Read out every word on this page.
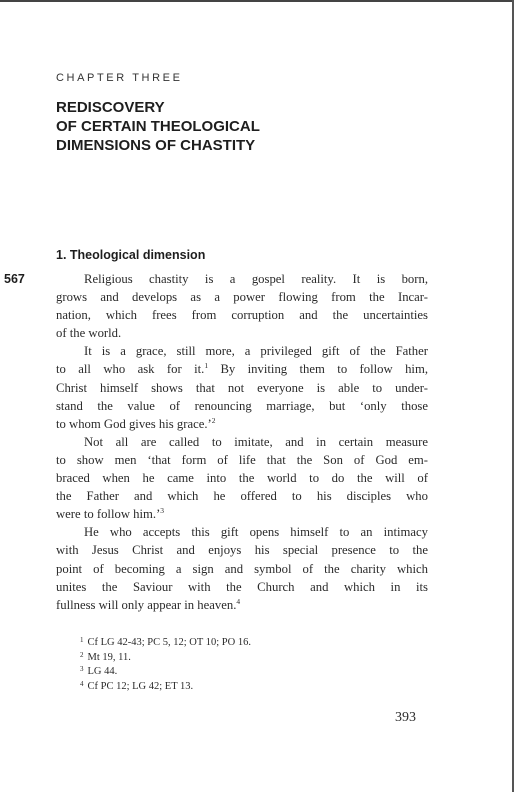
CHAPTER THREE
REDISCOVERY
OF CERTAIN THEOLOGICAL
DIMENSIONS OF CHASTITY
1. Theological dimension
567	Religious chastity is a gospel reality. It is born,
grows and develops as a power flowing from the Incar-
nation, which frees from corruption and the uncertainties
of the world.
It is a grace, still more, a privileged gift of the Father
to all who ask for it.$^1$ By inviting them to follow him,
Christ himself shows that not everyone is able to under-
stand the value of renouncing marriage, but ‘only those
to whom God gives his grace.’$^2$
Not all are called to imitate, and in certain measure
to show men ‘that form of life that the Son of God em-
braced when he came into the world to do the will of
the Father and which he offered to his disciples who
were to follow him.’$^3$
He who accepts this gift opens himself to an intimacy
with Jesus Christ and enjoys his special presence to the
point of becoming a sign and symbol of the charity which
unites the Saviour with the Church and which in its
fullness will only appear in heaven.$^4$
$^1$ Cf LG 42-43; PC 5, 12; OT 10; PO 16.
$^2$ Mt 19, 11.
$^3$ LG 44.
$^4$ Cf PC 12; LG 42; ET 13.
393
